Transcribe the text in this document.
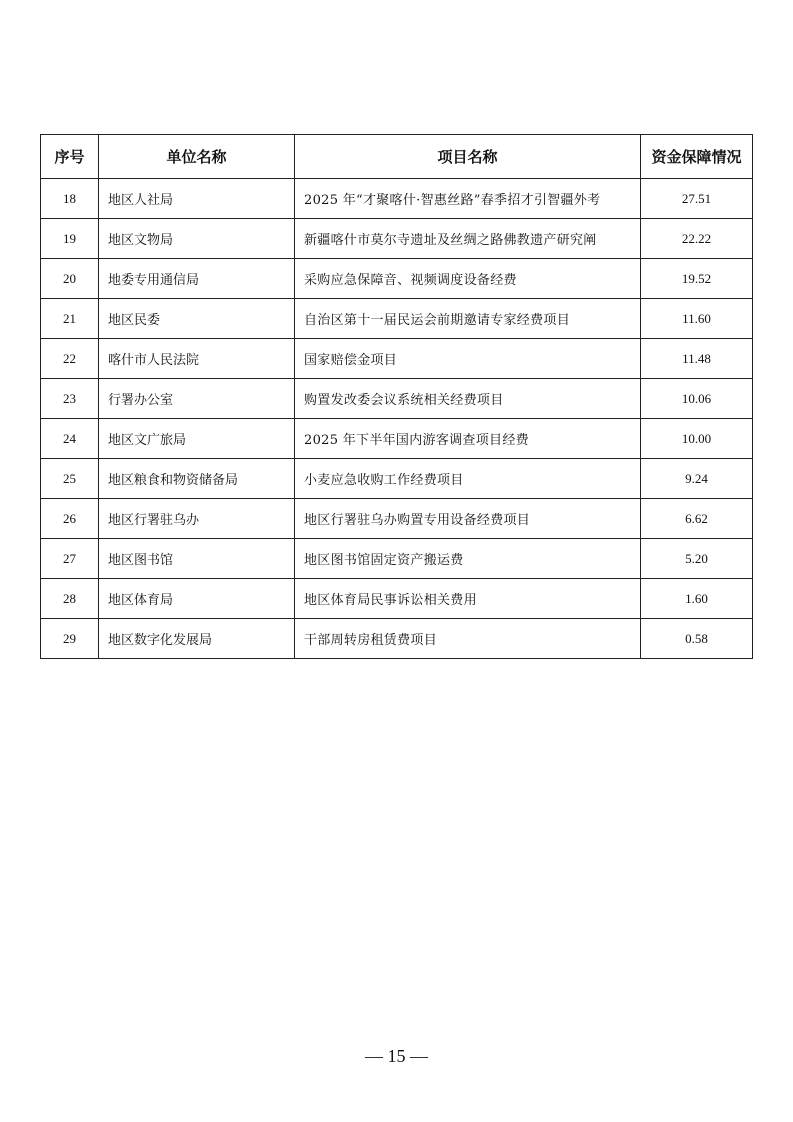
序号	单位名称	项目名称	资金保障情况
18	地区人社局	2025 年“才聚喀什·智惠丝路”春季招才引智疆外考	27.51
19	地区文物局	新疆喀什市莫尔寺遗址及丝绸之路佛教遗产研究阐	22.22
20	地委专用通信局	采购应急保障音、视频调度设备经费	19.52
21	地区民委	自治区第十一届民运会前期邀请专家经费项目	11.60
22	喀什市人民法院	国家赔偿金项目	11.48
23	行署办公室	购置发改委会议系统相关经费项目	10.06
24	地区文广旅局	2025 年下半年国内游客调查项目经费	10.00
25	地区粮食和物资储备局	小麦应急收购工作经费项目	9.24
26	地区行署驻乌办	地区行署驻乌办购置专用设备经费项目	6.62
27	地区图书馆	地区图书馆固定资产搬运费	5.20
28	地区体育局	地区体育局民事诉讼相关费用	1.60
29	地区数字化发展局	干部周转房租赁费项目	0.58
— 15 —
